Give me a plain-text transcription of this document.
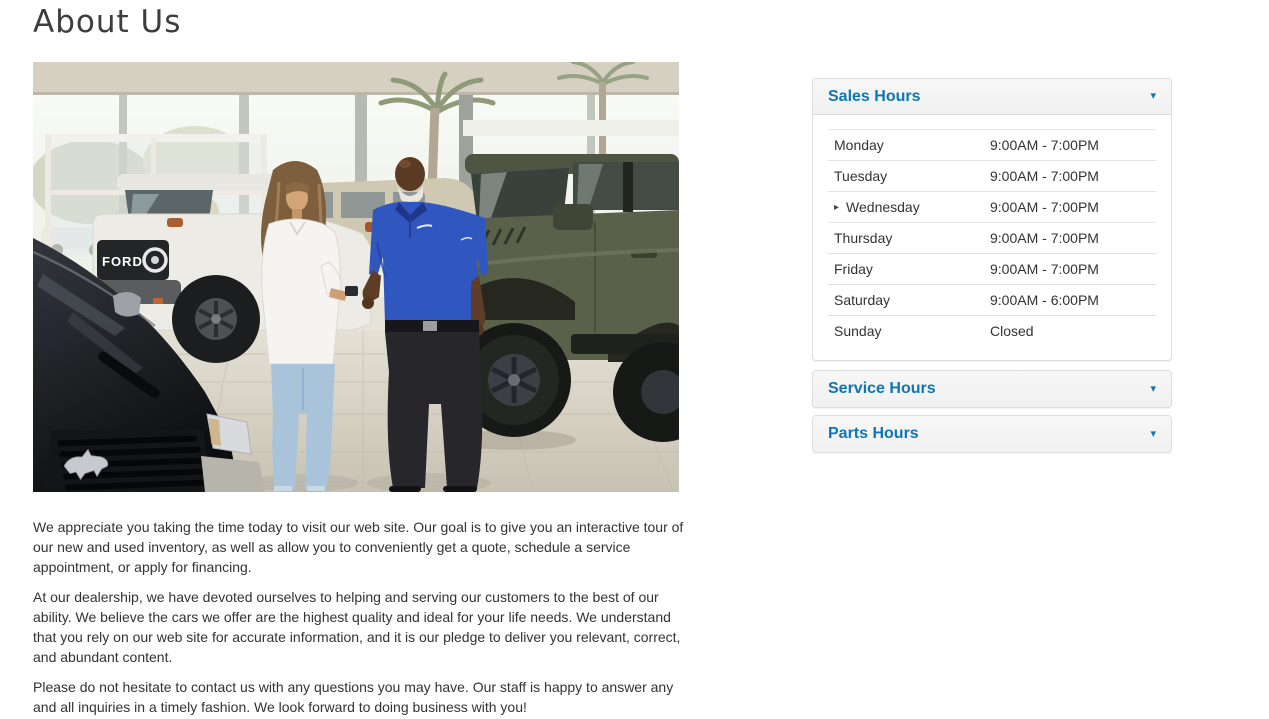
About Us
FORD

We appreciate you taking the time today to visit our web site. Our goal is to give you an interactive tour of our new and used inventory, as well as allow you to conveniently get a quote, schedule a service appointment, or apply for financing.

At our dealership, we have devoted ourselves to helping and serving our customers to the best of our ability. We believe the cars we offer are the highest quality and ideal for your life needs. We understand that you rely on our web site for accurate information, and it is our pledge to deliver you relevant, correct, and abundant content.

Please do not hesitate to contact us with any questions you may have. Our staff is happy to answer any and all inquiries in a timely fashion. We look forward to doing business with you!

Sales Hours	▾
Monday	9:00AM - 7:00PM
Tuesday	9:00AM - 7:00PM
▸ Wednesday	9:00AM - 7:00PM
Thursday	9:00AM - 7:00PM
Friday	9:00AM - 7:00PM
Saturday	9:00AM - 6:00PM
Sunday	Closed
Service Hours	▾
Parts Hours	▾
